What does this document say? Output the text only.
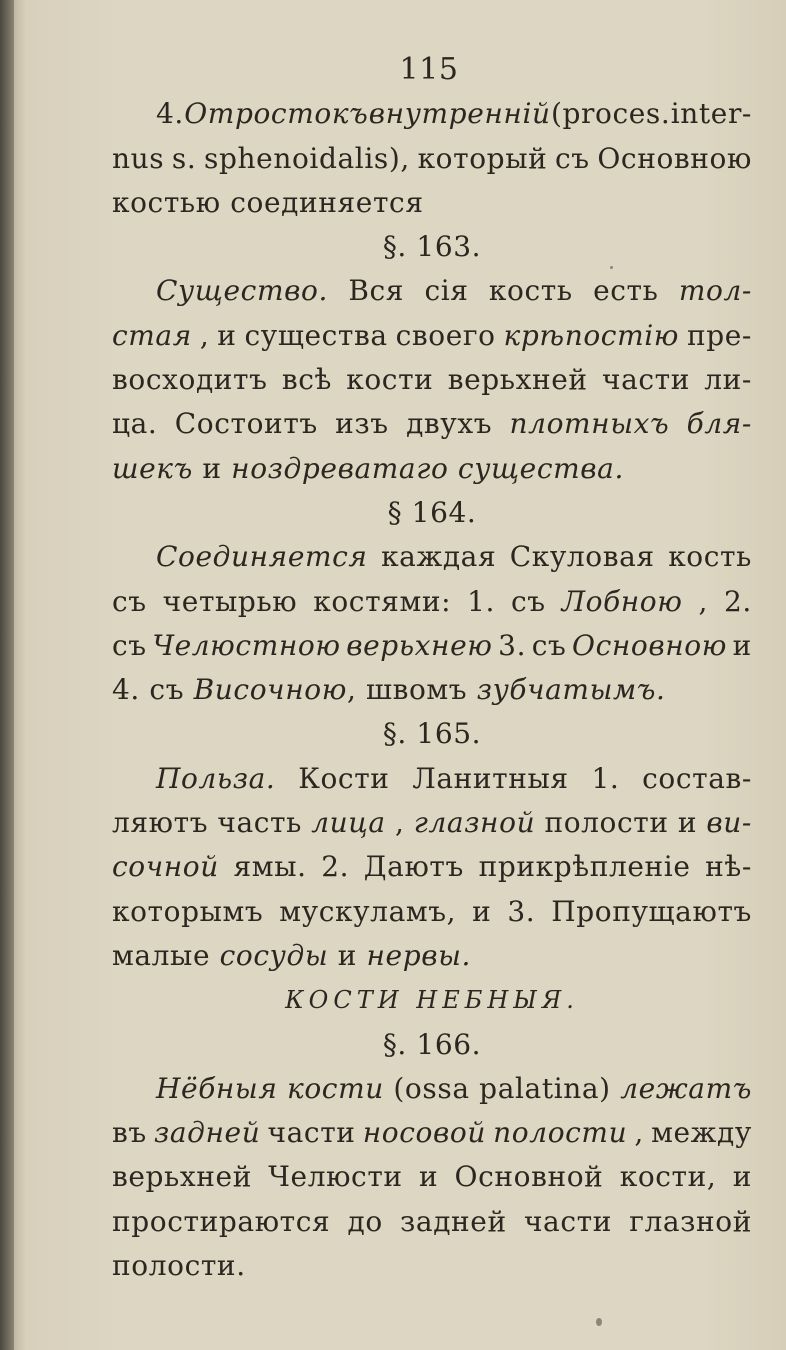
115
4. Отростокъ внутренній (proces. inter-
nus s. sphenoidalis), который съ Основною
костью соединяется
§. 163.
Существо. Вся сія кость есть тол-
стая , и существа своего крѣпостію пре-
восходитъ всѣ кости верьхней части ли-
ца. Состоитъ изъ двухъ плотныхъ бля-
шекъ и ноздреватаго существа.
§ 164.
Соединяется каждая Скуловая кость
съ четырью костями: 1. съ Лобною , 2.
съ Челюстною верьхнею 3. съ Основною и
4. съ Височною, швомъ зубчатымъ.
§. 165.
Польза. Кости Ланитныя 1. состав-
ляютъ часть лица , глазной полости и ви-
сочной ямы. 2. Даютъ прикрѣпленіе нѣ-
которымъ мускуламъ, и 3. Пропущаютъ
малые сосуды и нервы.
КОСТИ НЕБНЫЯ.
§. 166.
Нёбныя кости (ossa palatina) лежатъ
въ задней части носовой полости , между
верьхней Челюсти и Основной кости, и
простираются до задней части глазной
полости.
